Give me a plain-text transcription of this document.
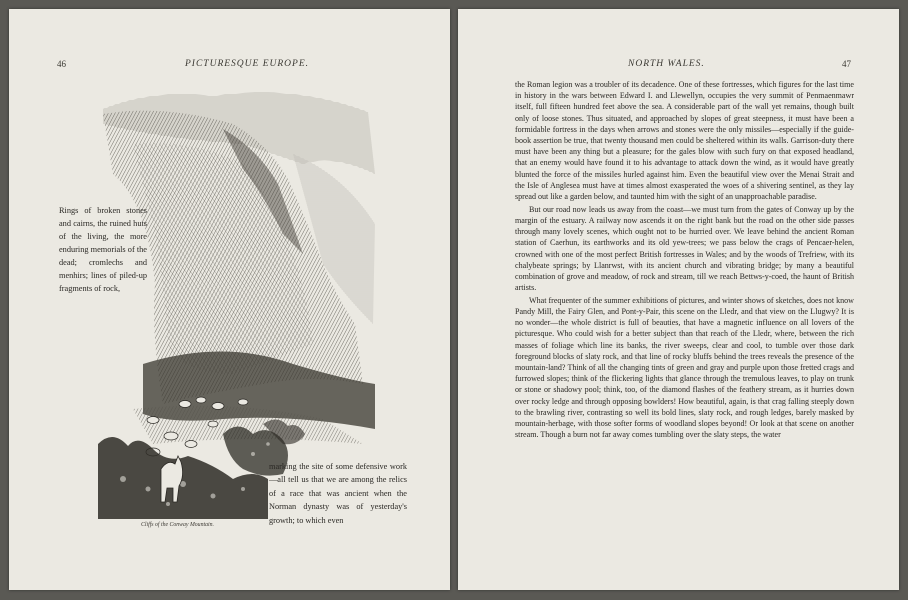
46	PICTURESQUE EUROPE.
Cliffs of the Conway Mountain.
Rings of broken stones and cairns, the ruined huts of the living, the more enduring memorials of the dead; cromlechs and menhirs; lines of piled-up fragments of rock,
marking the site of some defensive work—all tell us that we are among the relics of a race that was ancient when the Norman dynasty was of yesterday's growth; to which even
NORTH WALES.	47

the Roman legion was a troubler of its decadence. One of these fortresses, which figures for the last time in history in the wars between Edward I. and Llewellyn, occupies the very summit of Penmaenmawr itself, full fifteen hundred feet above the sea. A considerable part of the wall yet remains, though built only of loose stones. Thus situated, and approached by slopes of great steepness, it must have been a formidable fortress in the days when arrows and stones were the only missiles—especially if the guide-book assertion be true, that twenty thousand men could be sheltered within its walls. Garrison-duty there must have been any thing but a pleasure; for the gales blow with such fury on that exposed headland, that an enemy would have found it to his advantage to attack down the wind, as it would have greatly blunted the force of the missiles hurled against him. Even the beautiful view over the Menai Strait and the Isle of Anglesea must have at times almost exasperated the woes of a shivering sentinel, as they lay spread out like a garden below, and taunted him with the sight of an unapproachable paradise.

But our road now leads us away from the coast—we must turn from the gates of Conway up by the margin of the estuary. A railway now ascends it on the right bank but the road on the other side passes through many lovely scenes, which ought not to be hurried over. We leave behind the ancient Roman station of Caerhun, its earthworks and its old yew-trees; we pass below the crags of Pencaer-helen, crowned with one of the most perfect British fortresses in Wales; and by the woods of Trefriew, with its chalybeate springs; by Llanrwst, with its ancient church and vibrating bridge; by many a beautiful combination of grove and meadow, of rock and stream, till we reach Bettws-y-coed, the haunt of British artists.

What frequenter of the summer exhibitions of pictures, and winter shows of sketches, does not know Pandy Mill, the Fairy Glen, and Pont-y-Pair, this scene on the Lledr, and that view on the Llugwy? It is no wonder—the whole district is full of beauties, that have a magnetic influence on all lovers of the picturesque. Who could wish for a better subject than that reach of the Lledr, where, between the rich masses of foliage which line its banks, the river sweeps, clear and cool, to tumble over those dark foreground blocks of slaty rock, and that line of rocky bluffs behind the trees reveals the presence of the mountain-land? Think of all the changing tints of green and gray and purple upon those fretted crags and furrowed slopes; think of the flickering lights that glance through the tremulous leaves, to play on trunk or stone or shadowy pool; think, too, of the diamond flashes of the feathery stream, as it hurries down over rocky ledge and through opposing bowlders! How beautiful, again, is that crag falling steeply down to the brawling river, contrasting so well its bold lines, slaty rock, and rough ledges, barely masked by mountain-herbage, with those softer forms of woodland slopes beyond! Or look at that scene on another stream. Though a burn not far away comes tumbling over the slaty steps, the water
